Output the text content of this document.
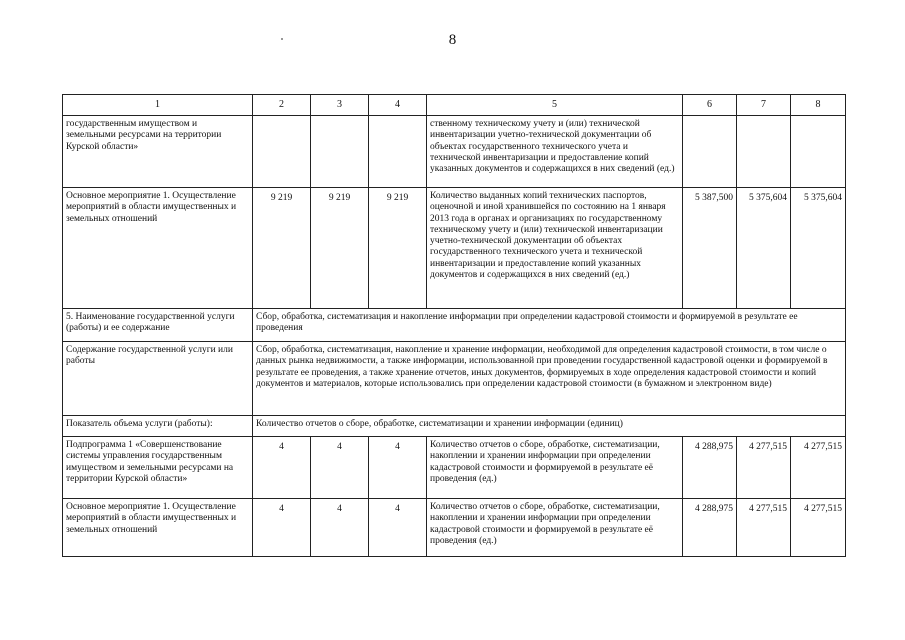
8
1	2	3	4	5	6	7	8
государственным имуществом и земельными ресурсами на территории Курской области»				ственному техническому учету и (или) технической инвентаризации учетно-технической документации об объектах государственного технического учета и технической инвентаризации и предоставление копий указанных документов и содержащихся в них сведений (ед.)			
Основное мероприятие 1. Осуществление мероприятий в области имущественных и земельных отношений	9 219	9 219	9 219	Количество выданных копий технических паспортов, оценочной и иной хранившейся по состоянию на 1 января 2013 года в органах и организациях по государственному техническому учету и (или) технической инвентаризации учетно-технической документации об объектах государственного технического учета и технической инвентаризации и предоставление копий указанных документов и содержащихся в них сведений (ед.)	5 387,500	5 375,604	5 375,604
5. Наименование государственной услуги (работы) и ее содержание	Сбор, обработка, систематизация и накопление информации при определении кадастровой стоимости и формируемой в результате ее проведения						
Содержание государственной услуги или работы	Сбор, обработка, систематизация, накопление и хранение информации, необходимой для определения кадастровой стоимости, в том числе о данных рынка недвижимости, а также информации, использованной при проведении государственной кадастровой оценки и формируемой в результате ее проведения, а также хранение отчетов, иных документов, формируемых в ходе определения кадастровой стоимости и копий документов и материалов, которые использовались при определении кадастровой стоимости (в бумажном и электронном виде)						
Показатель объема услуги (работы):	Количество отчетов о сборе, обработке, систематизации и хранении информации (единиц)						
Подпрограмма 1 «Совершенствование системы управления государственным имуществом и земельными ресурсами на территории Курской области»	4	4	4	Количество отчетов о сборе, обработке, систематизации, накоплении и хранении информации при определении кадастровой стоимости и формируемой в результате её проведения (ед.)	4 288,975	4 277,515	4 277,515
Основное мероприятие 1. Осуществление мероприятий в области имущественных и земельных отношений	4	4	4	Количество отчетов о сборе, обработке, систематизации, накоплении и хранении информации при определении кадастровой стоимости и формируемой в результате её проведения (ед.)	4 288,975	4 277,515	4 277,515
